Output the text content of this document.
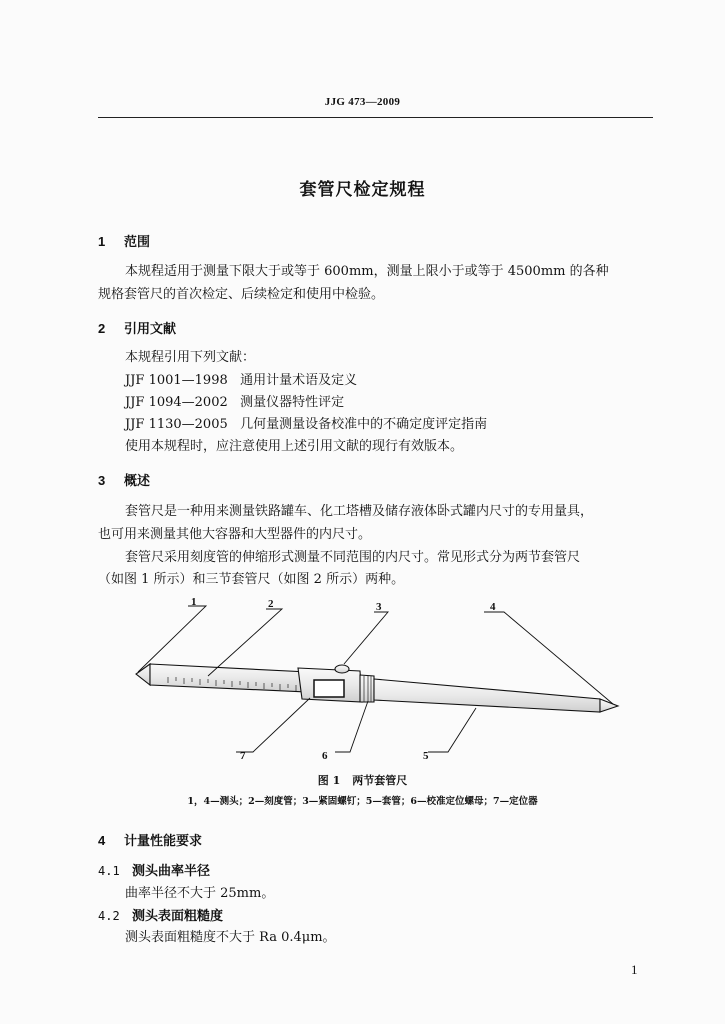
JJG 473—2009
套管尺检定规程
1 范围
本规程适用于测量下限大于或等于 600mm，测量上限小于或等于 4500mm 的各种
规格套管尺的首次检定、后续检定和使用中检验。
2 引用文献
本规程引用下列文献：
JJF 1001—1998 通用计量术语及定义
JJF 1094—2002 测量仪器特性评定
JJF 1130—2005 几何量测量设备校准中的不确定度评定指南
使用本规程时，应注意使用上述引用文献的现行有效版本。
3 概述
套管尺是一种用来测量铁路罐车、化工塔槽及储存液体卧式罐内尺寸的专用量具，
也可用来测量其他大容器和大型器件的内尺寸。
套管尺采用刻度管的伸缩形式测量不同范围的内尺寸。常见形式分为两节套管尺
（如图 1 所示）和三节套管尺（如图 2 所示）两种。
1	2	3	4
5
6
7
图 1 两节套管尺
1，4—测头；2—刻度管；3—紧固螺钉；5—套管；6—校准定位螺母；7—定位器
4 计量性能要求
4.1 测头曲率半径
曲率半径不大于 25mm。
4.2 测头表面粗糙度
测头表面粗糙度不大于 Ra 0.4μm。
1
